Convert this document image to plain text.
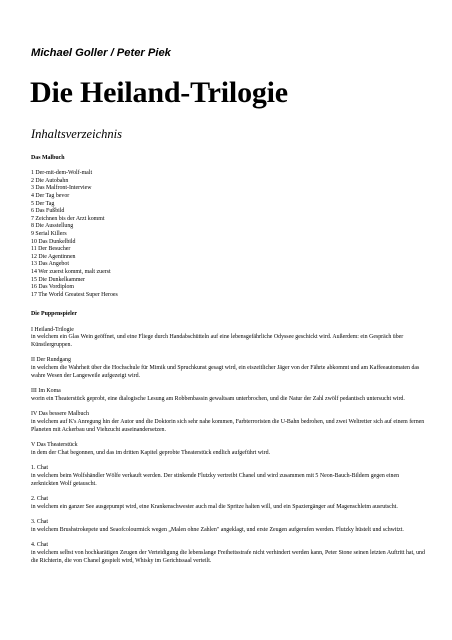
Michael Goller / Peter Piek
Die Heiland-Trilogie
Inhaltsverzeichnis

Das Malbuch

1 Der-mit-dem-Wolf-malt
2 Die Autobahn
3 Das Malfront-Interview
4 Der Tag bevor
5 Der Tag
6 Das Fußbild
7 Zeichnen bis der Arzt kommt
8 Die Ausstellung
9 Serial Killers
10 Das Dunkelbild
11 Der Besucher
12 Die Agentinnen
13 Das Angebot
14 Wer zuerst kommt, malt zuerst
15 Die Dunkelkammer
16 Das Vordiplom
17 The World Greatest Super Heroes

Die Puppenspieler

I Heiland-Trilogie

in welchem ein Glas Wein geöffnet, und eine Fliege durch Handabschütteln auf eine lebensgefährliche Odyssee geschickt wird. Außerdem: ein Gespräch über Künstlergruppen.

II Der Rundgang

in welchem die Wahrheit über die Hochschule für Mimik und Spruchkunst gesagt wird, ein eiszeitlicher Jäger von der Fährte abkommt und am Kaffeeautomaten das wahre Wesen der Langeweile aufgezeigt wird.

III Im Koma

worin ein Theaterstück geprobt, eine dialogische Lesung am Robbenbassin gewaltsam unterbrochen, und die Natur der Zahl zwölf pedantisch untersucht wird.

IV Das bessere Malbuch

in welchem auf K's Anregung hin der Autor und die Doktorin sich sehr nahe kommen, Farbterroristen die U-Bahn bedrohen, und zwei Weltretter sich auf einem fernen Planeten mit Ackerbau und Viehzucht auseinandersetzen.

V Das Theaterstück

in dem der Chat begonnen, und das im dritten Kapitel geprobte Theaterstück endlich aufgeführt wird.

1. Chat

in welchem beim Wolfshändler Wölfe verkauft werden. Der stinkende Flutzky vertreibt Chanel und wird zusammen mit 5 Neon-Bauch-Bildern gegen einen zerknickten Wolf getauscht.

2. Chat

in welchem ein ganzer See ausgepumpt wird, eine Krankenschwester auch mal die Spritze halten will, und ein Spaziergänger auf Magenschleim ausrutscht.

3. Chat

in welchem Brushstrokepete und Seaofcolourmick wegen „Malen ohne Zahlen" angeklagt, und erste Zeugen aufgerufen werden. Flutzky hüstelt und schwitzt.

4. Chat

in welchem selbst von hochkarätigen Zeugen der Verteidigung die lebenslange Freiheitsstrafe nicht verhindert werden kann, Peter Stone seinen letzten Auftritt hat, und die Richterin, die von Chanel gespielt wird, Whisky im Gerichtssaal verteilt.
